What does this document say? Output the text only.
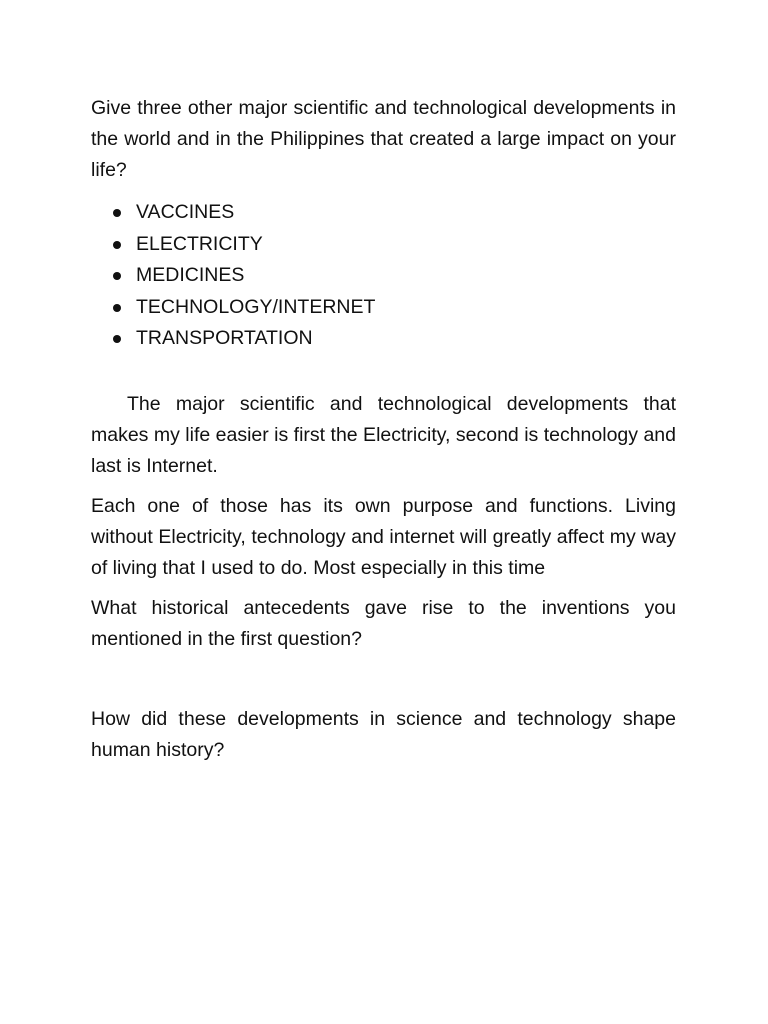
Give three other major scientific and technological developments in the world and in the Philippines that created a large impact on your life?

VACCINES
ELECTRICITY
MEDICINES
TECHNOLOGY/INTERNET
TRANSPORTATION

The major scientific and technological developments that makes my life easier is first the Electricity, second is technology and last is Internet.

Each one of those has its own purpose and functions. Living without Electricity, technology and internet will greatly affect my way of living that I used to do. Most especially in this time

What historical antecedents gave rise to the inventions you mentioned in the first question?

How did these developments in science and technology shape human history?
